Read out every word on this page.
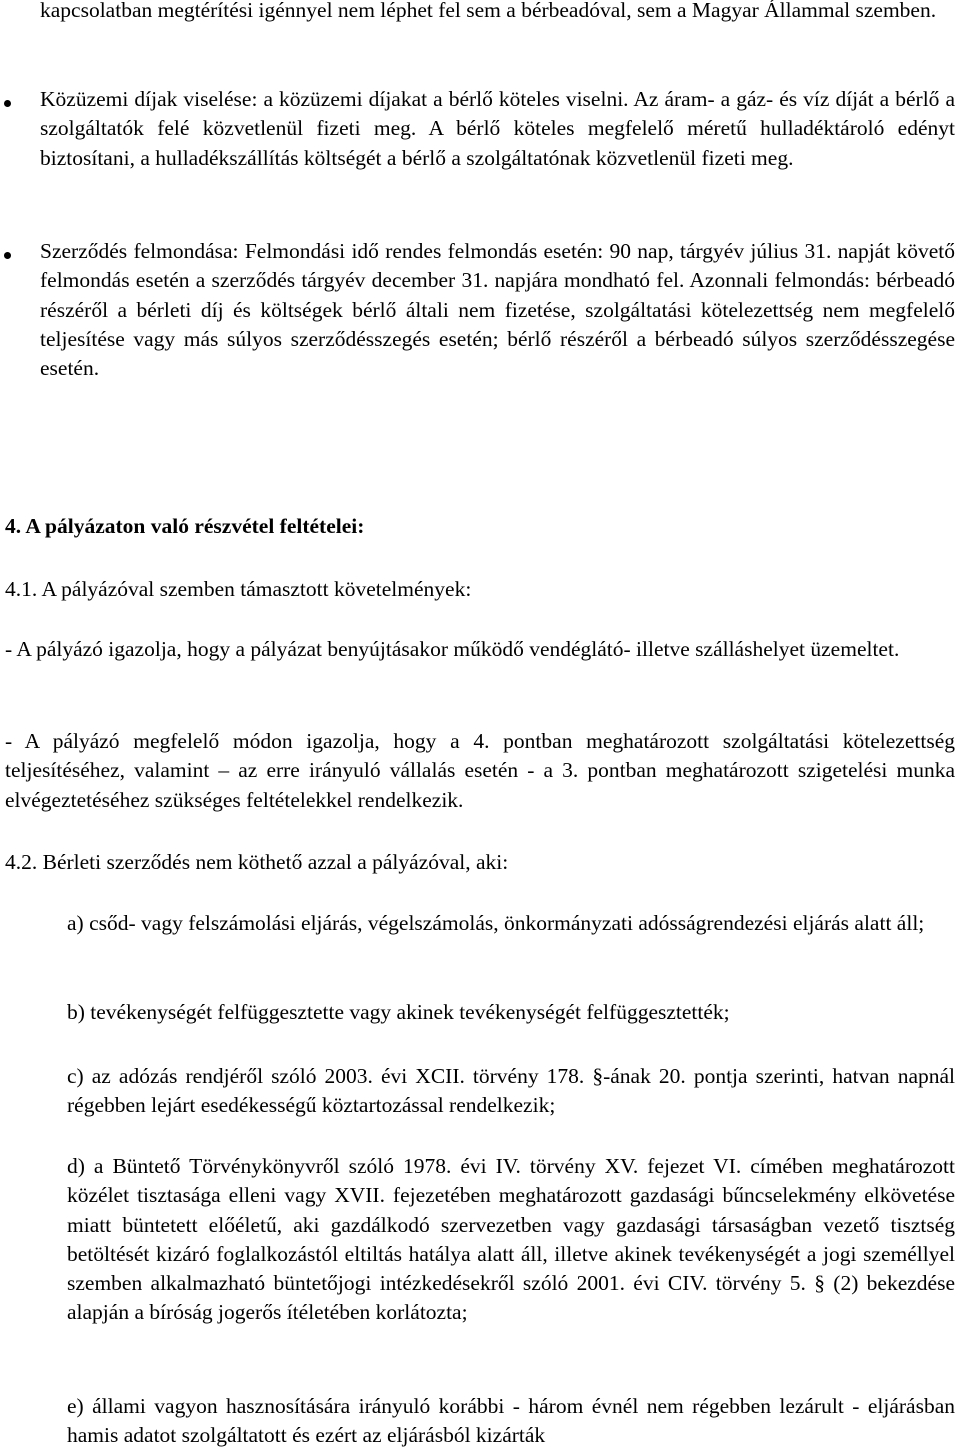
kapcsolatban megtérítési igénnyel nem léphet fel sem a bérbeadóval, sem a Magyar Állammal szemben.

Közüzemi díjak viselése: a közüzemi díjakat a bérlő köteles viselni. Az áram- a gáz- és víz díját a bérlő a szolgáltatók felé közvetlenül fizeti meg. A bérlő köteles megfelelő méretű hulladéktároló edényt biztosítani, a hulladékszállítás költségét a bérlő a szolgáltatónak közvetlenül fizeti meg.

Szerződés felmondása: Felmondási idő rendes felmondás esetén: 90 nap, tárgyév július 31. napját követő felmondás esetén a szerződés tárgyév december 31. napjára mondható fel. Azonnali felmondás: bérbeadó részéről a bérleti díj és költségek bérlő általi nem fizetése, szolgáltatási kötelezettség nem megfelelő teljesítése vagy más súlyos szerződésszegés esetén; bérlő részéről a bérbeadó súlyos szerződésszegése esetén.

4. A pályázaton való részvétel feltételei:

4.1. A pályázóval szemben támasztott követelmények:

- A pályázó igazolja, hogy a pályázat benyújtásakor működő vendéglátó- illetve szálláshelyet üzemeltet.

- A pályázó megfelelő módon igazolja, hogy a 4. pontban meghatározott szolgáltatási kötelezettség teljesítéséhez, valamint – az erre irányuló vállalás esetén - a 3. pontban meghatározott szigetelési munka elvégeztetéséhez szükséges feltételekkel rendelkezik.

4.2. Bérleti szerződés nem köthető azzal a pályázóval, aki:

a) csőd- vagy felszámolási eljárás, végelszámolás, önkormányzati adósságrendezési eljárás alatt áll;

b) tevékenységét felfüggesztette vagy akinek tevékenységét felfüggesztették;

c) az adózás rendjéről szóló 2003. évi XCII. törvény 178. §-ának 20. pontja szerinti, hatvan napnál régebben lejárt esedékességű köztartozással rendelkezik;

d) a Büntető Törvénykönyvről szóló 1978. évi IV. törvény XV. fejezet VI. címében meghatározott közélet tisztasága elleni vagy XVII. fejezetében meghatározott gazdasági bűncselekmény elkövetése miatt büntetett előéletű, aki gazdálkodó szervezetben vagy gazdasági társaságban vezető tisztség betöltését kizáró foglalkozástól eltiltás hatálya alatt áll, illetve akinek tevékenységét a jogi személlyel szemben alkalmazható büntetőjogi intézkedésekről szóló 2001. évi CIV. törvény 5. § (2) bekezdése alapján a bíróság jogerős ítéletében korlátozta;

e) állami vagyon hasznosítására irányuló korábbi - három évnél nem régebben lezárult - eljárásban hamis adatot szolgáltatott és ezért az eljárásból kizárták
